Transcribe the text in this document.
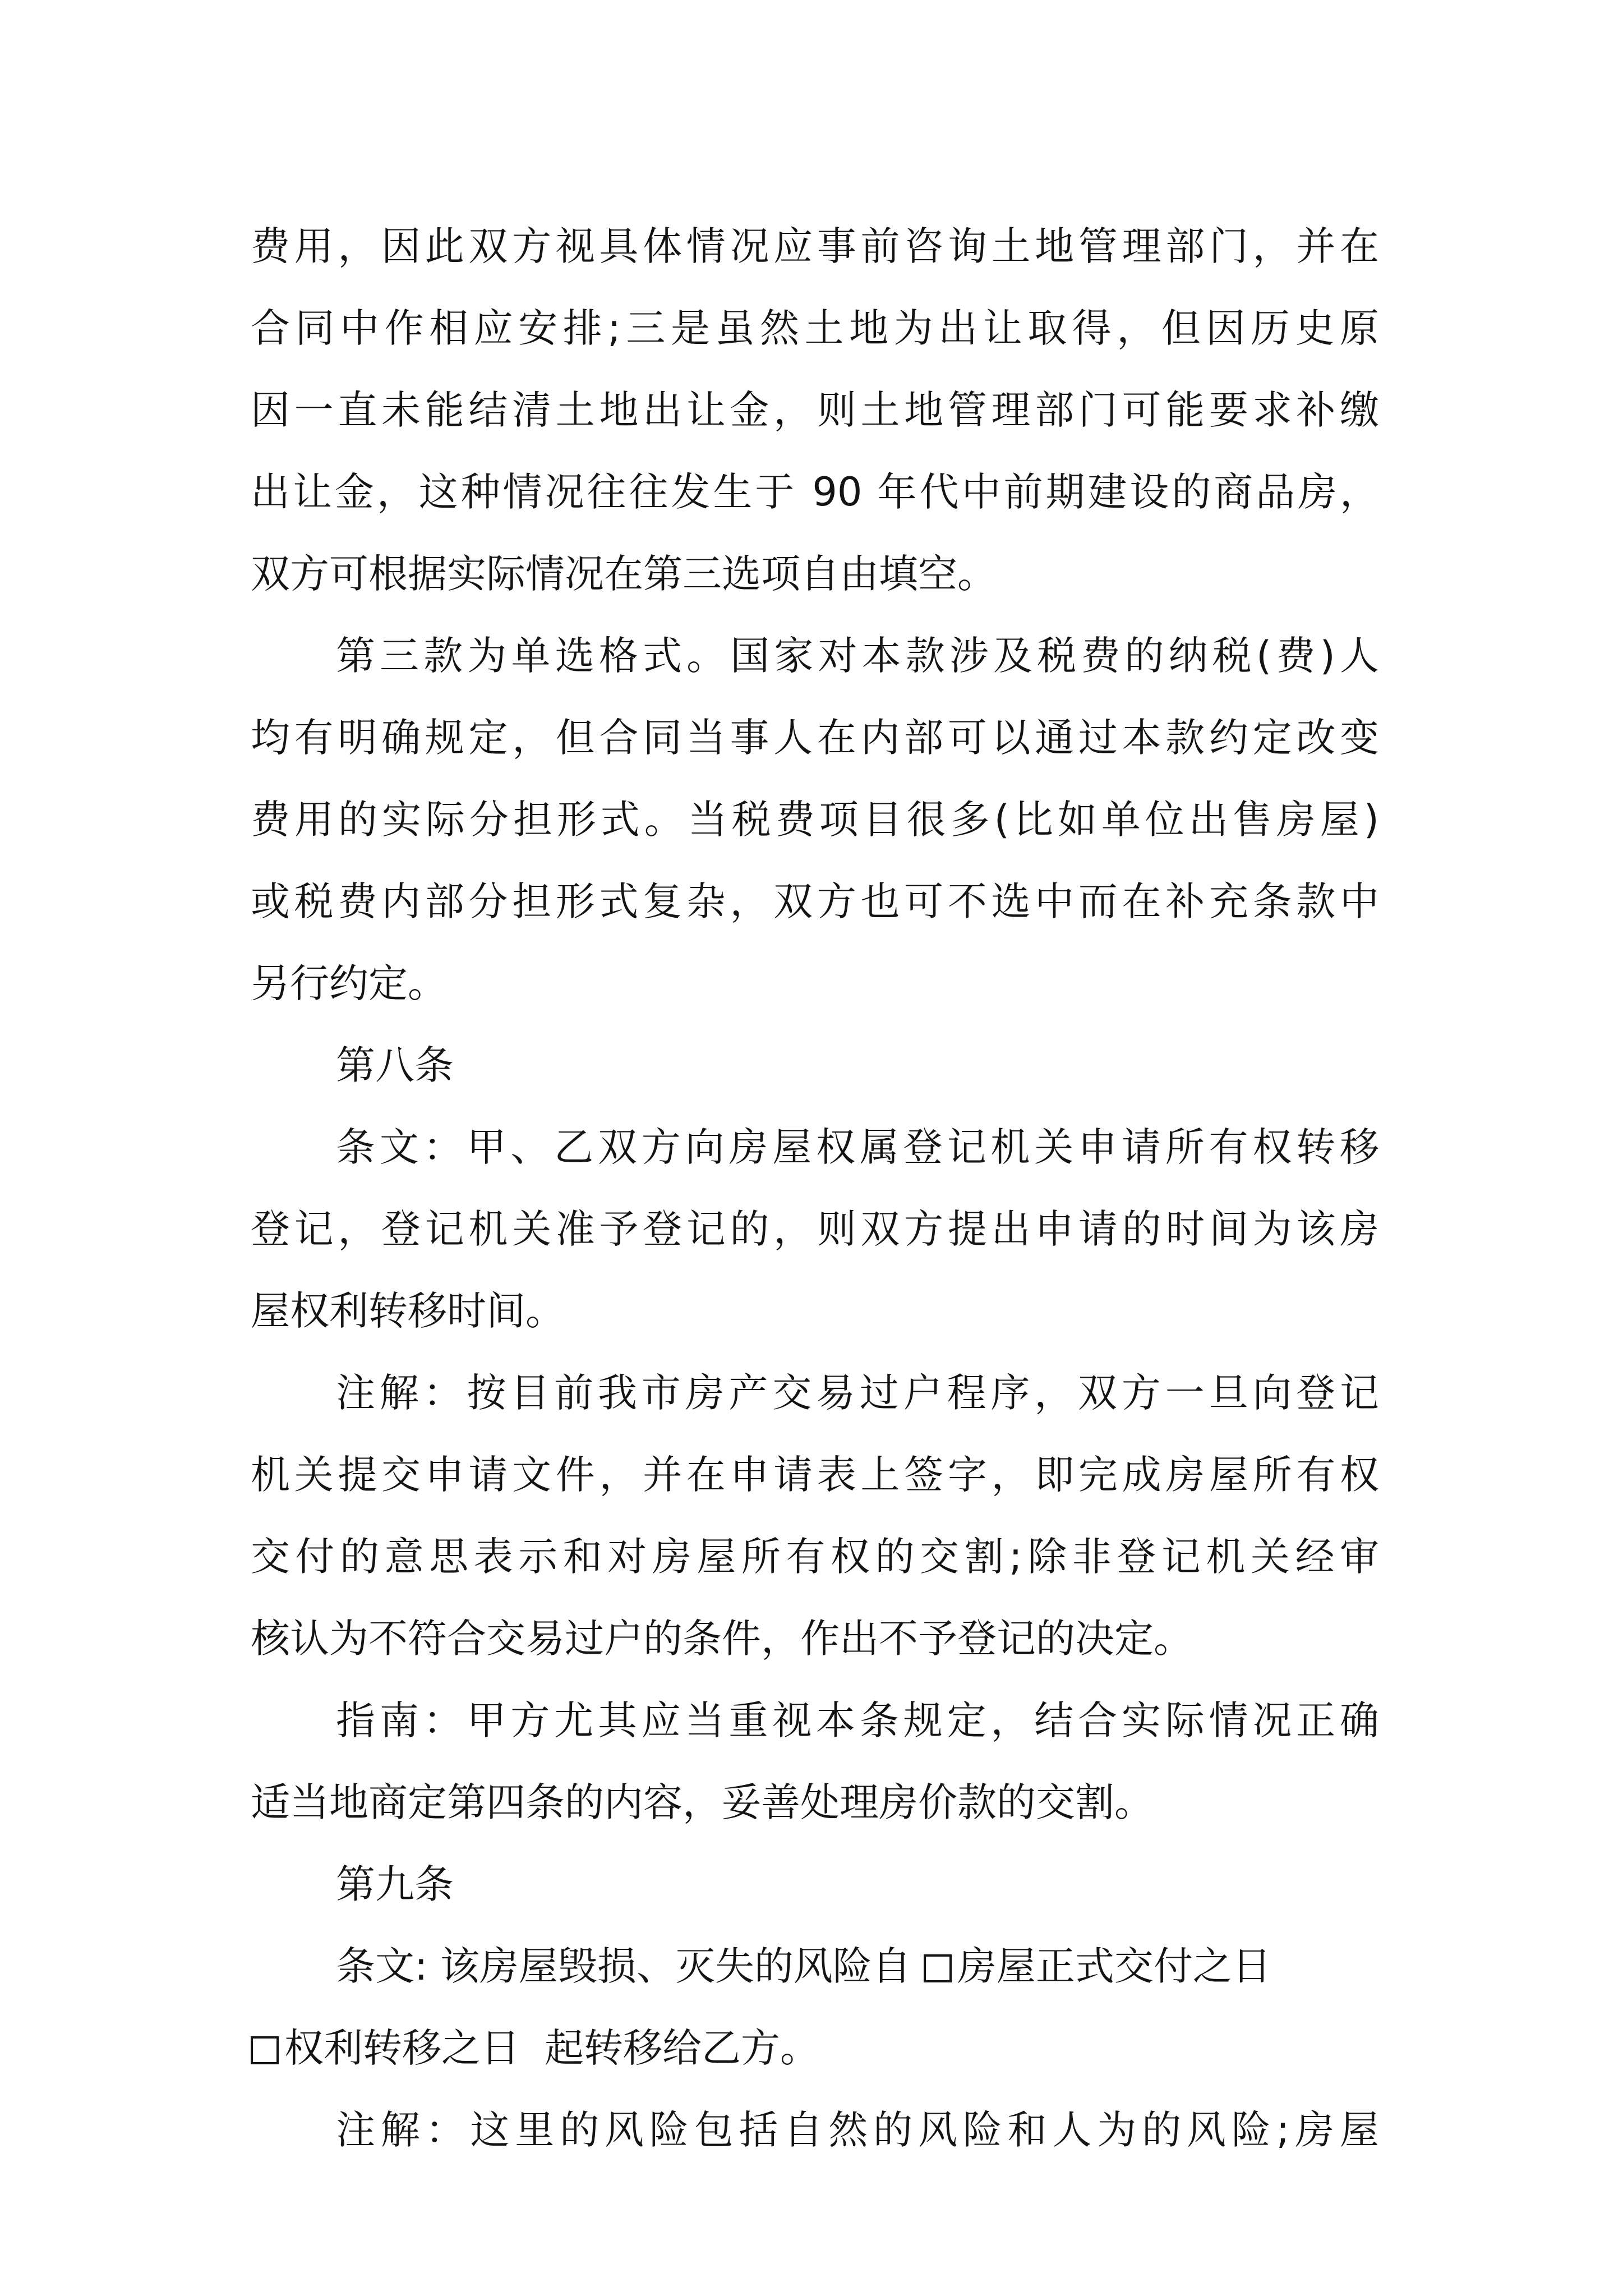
费用，因此双方视具体情况应事前咨询土地管理部门，并在
合同中作相应安排;三是虽然土地为出让取得，但因历史原
因一直未能结清土地出让金，则土地管理部门可能要求补缴
出让金，这种情况往往发生于 90 年代中前期建设的商品房，
双方可根据实际情况在第三选项自由填空。
第三款为单选格式。国家对本款涉及税费的纳税(费)人
均有明确规定，但合同当事人在内部可以通过本款约定改变
费用的实际分担形式。当税费项目很多(比如单位出售房屋)
或税费内部分担形式复杂，双方也可不选中而在补充条款中
另行约定。
第八条
条文：甲、乙双方向房屋权属登记机关申请所有权转移
登记，登记机关准予登记的，则双方提出申请的时间为该房
屋权利转移时间。
注解：按目前我市房产交易过户程序，双方一旦向登记
机关提交申请文件，并在申请表上签字，即完成房屋所有权
交付的意思表示和对房屋所有权的交割;除非登记机关经审
核认为不符合交易过户的条件，作出不予登记的决定。
指南：甲方尤其应当重视本条规定，结合实际情况正确
适当地商定第四条的内容，妥善处理房价款的交割。
第九条
条文: 该房屋毁损、灭失的风险自 房屋正式交付之日
权利转移之日 起转移给乙方。
注解：这里的风险包括自然的风险和人为的风险;房屋
